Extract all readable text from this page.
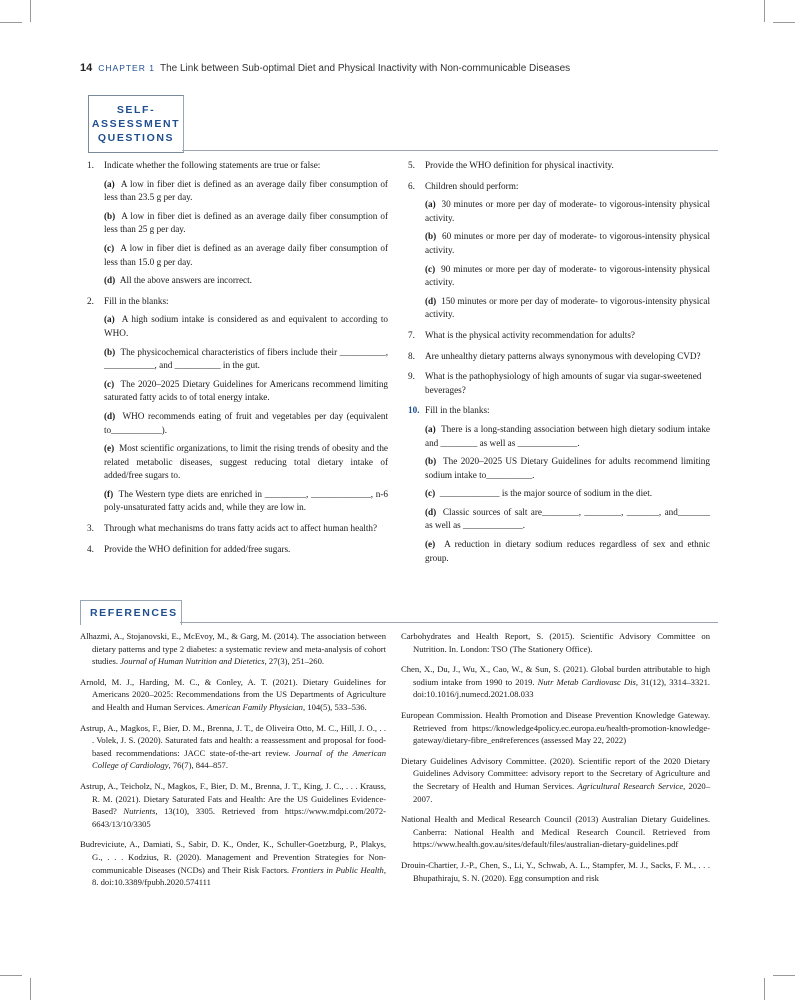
14 CHAPTER 1 The Link between Sub-optimal Diet and Physical Inactivity with Non-communicable Diseases
SELF-
ASSESSMENT
QUESTIONS
1.	Indicate whether the following statements are true or false:

(a) A low in fiber diet is defined as an average daily fiber consumption of less than 23.5 g per day.

(b) A low in fiber diet is defined as an average daily fiber consumption of less than 25 g per day.

(c) A low in fiber diet is defined as an average daily fiber consumption of less than 15.0 g per day.

(d) All the above answers are incorrect.

2.	Fill in the blanks:

(a) A high sodium intake is considered as and equivalent to according to WHO.

(b) The physicochemical characteristics of fibers include their __________, ___________, and __________ in the gut.

(c) The 2020–2025 Dietary Guidelines for Americans recommend limiting saturated fatty acids to of total energy intake.

(d) WHO recommends eating of fruit and vegetables per day (equivalent to___________).

(e) Most scientific organizations, to limit the rising trends of obesity and the related metabolic diseases, suggest reducing total dietary intake of added/free sugars to.

(f) The Western type diets are enriched in _________, _____________, n-6 poly-unsaturated fatty acids and, while they are low in.

3.	Through what mechanisms do trans fatty acids act to affect human health?

4.	Provide the WHO definition for added/free sugars.

5.	Provide the WHO definition for physical inactivity.

6.	Children should perform:

(a) 30 minutes or more per day of moderate- to vigorous-intensity physical activity.

(b) 60 minutes or more per day of moderate- to vigorous-intensity physical activity.

(c) 90 minutes or more per day of moderate- to vigorous-intensity physical activity.

(d) 150 minutes or more per day of moderate- to vigorous-intensity physical activity.

7.	What is the physical activity recommendation for adults?

8.	Are unhealthy dietary patterns always synonymous with developing CVD?

9.	What is the pathophysiology of high amounts of sugar via sugar-sweetened beverages?

10. Fill in the blanks:

(a) There is a long-standing association between high dietary sodium intake and ________ as well as _____________.

(b) The 2020–2025 US Dietary Guidelines for adults recommend limiting sodium intake to__________.

(c) _____________ is the major source of sodium in the diet.

(d) Classic sources of salt are________, ________, _______, and_______ as well as _____________.

(e) A reduction in dietary sodium reduces regardless of sex and ethnic group.

REFERENCES
Alhazmi, A., Stojanovski, E., McEvoy, M., & Garg, M. (2014). The association between dietary patterns and type 2 diabetes: a systematic review and meta-analysis of cohort studies. Journal of Human Nutrition and Dietetics, 27(3), 251–260.
Arnold, M. J., Harding, M. C., & Conley, A. T. (2021). Dietary Guidelines for Americans 2020–2025: Recommendations from the US Departments of Agriculture and Health and Human Services. American Family Physician, 104(5), 533–536.
Astrup, A., Magkos, F., Bier, D. M., Brenna, J. T., de Oliveira Otto, M. C., Hill, J. O., . . . Volek, J. S. (2020). Saturated fats and health: a reassessment and proposal for food-based recommendations: JACC state-of-the-art review. Journal of the American College of Cardiology, 76(7), 844–857.
Astrup, A., Teicholz, N., Magkos, F., Bier, D. M., Brenna, J. T., King, J. C., . . . Krauss, R. M. (2021). Dietary Saturated Fats and Health: Are the US Guidelines Evidence-Based? Nutrients, 13(10), 3305. Retrieved from https://www.mdpi.com/2072-6643/13/10/3305
Budreviciute, A., Damiati, S., Sabir, D. K., Onder, K., Schuller-Goetzburg, P., Plakys, G., . . . Kodzius, R. (2020). Management and Prevention Strategies for Non-communicable Diseases (NCDs) and Their Risk Factors. Frontiers in Public Health, 8. doi:10.3389/fpubh.2020.574111
Carbohydrates and Health Report, S. (2015). Scientific Advisory Committee on Nutrition. In. London: TSO (The Stationery Office).
Chen, X., Du, J., Wu, X., Cao, W., & Sun, S. (2021). Global burden attributable to high sodium intake from 1990 to 2019. Nutr Metab Cardiovasc Dis, 31(12), 3314–3321. doi:10.1016/j.numecd.2021.08.033
European Commission. Health Promotion and Disease Prevention Knowledge Gateway. Retrieved from https://knowledge4policy.ec.europa.eu/health-promotion-knowledge-gateway/dietary-fibre_en#references (assessed May 22, 2022)
Dietary Guidelines Advisory Committee. (2020). Scientific report of the 2020 Dietary Guidelines Advisory Committee: advisory report to the Secretary of Agriculture and the Secretary of Health and Human Services. Agricultural Research Service, 2020–2007.
National Health and Medical Research Council (2013) Australian Dietary Guidelines. Canberra: National Health and Medical Research Council. Retrieved from https://www.health.gov.au/sites/default/files/australian-dietary-guidelines.pdf
Drouin-Chartier, J.-P., Chen, S., Li, Y., Schwab, A. L., Stampfer, M. J., Sacks, F. M., . . . Bhupathiraju, S. N. (2020). Egg consumption and risk
